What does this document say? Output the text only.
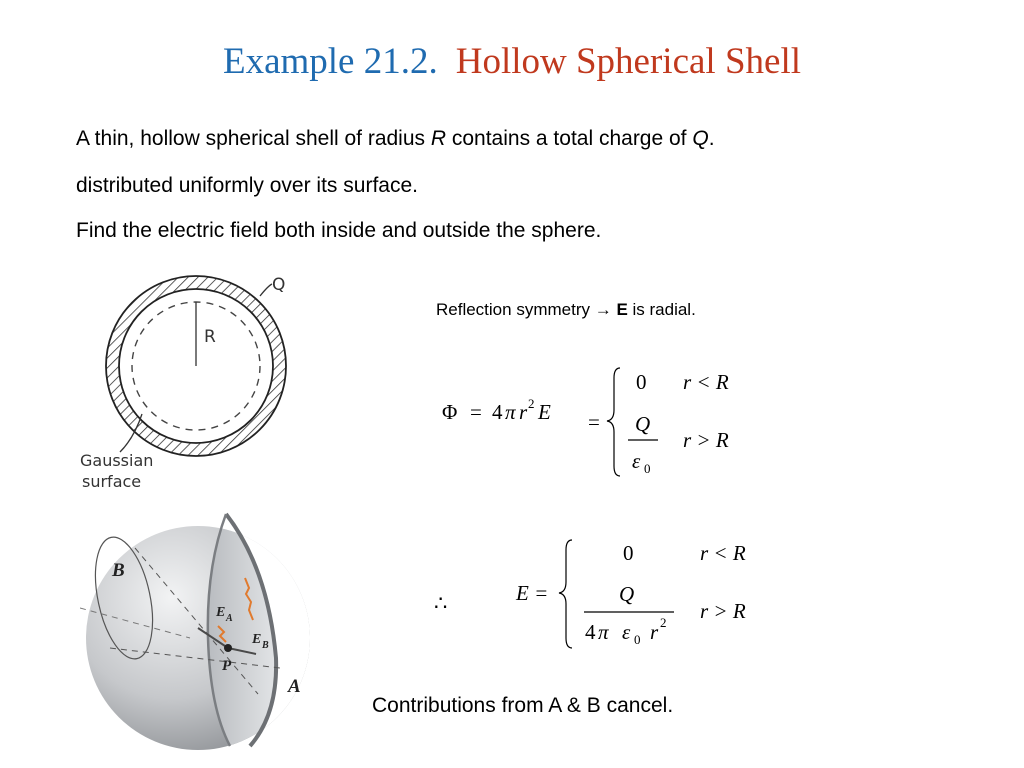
Example 21.2. Hollow Spherical Shell
A thin, hollow spherical shell of radius R contains a total charge of Q.
distributed uniformly over its surface.
Find the electric field both inside and outside the sphere.
R
Q
Gaussian
surface
Reflection symmetry → E is radial.
Φ = 4 π r 2 E =
0 r < R
Q
ε 0
r > R
∴	E =
0	r < R
Q
4 π ε 0 r 2 r > R
B
A
P
E A
E B
Contributions from A & B cancel.
